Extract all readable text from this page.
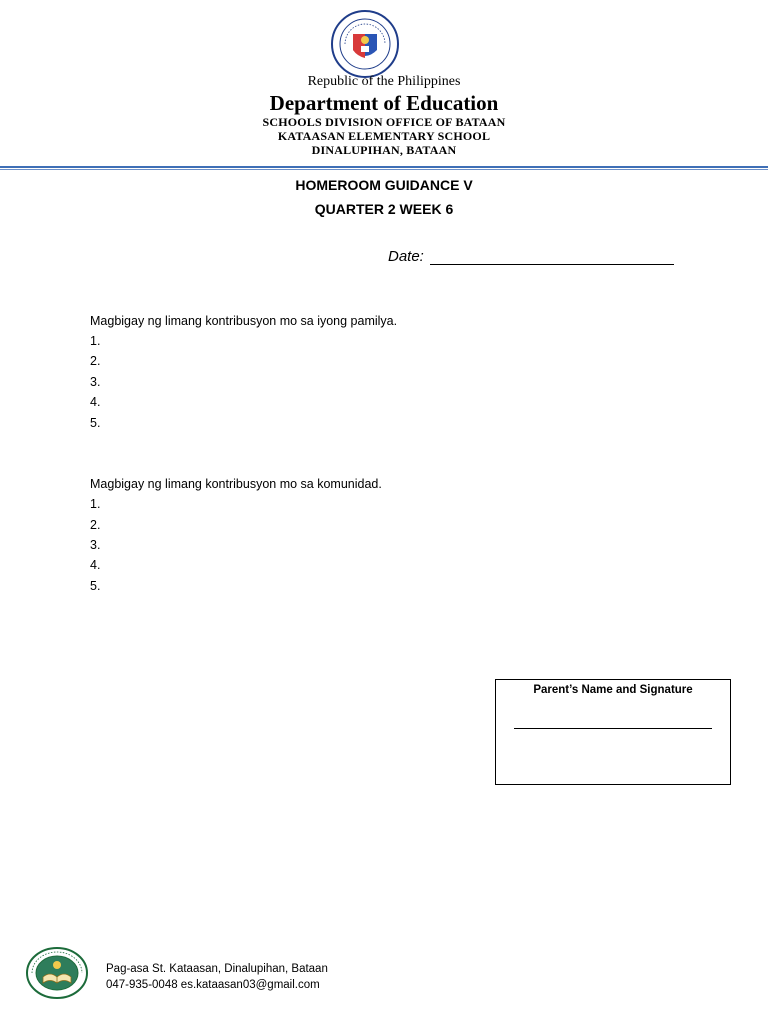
Republic of the Philippines
Department of Education
SCHOOLS DIVISION OFFICE OF BATAAN
KATAASAN ELEMENTARY SCHOOL
DINALUPIHAN, BATAAN
HOMEROOM GUIDANCE V
QUARTER 2 WEEK 6
Date:
Magbigay ng limang kontribusyon mo sa iyong pamilya.
1.
2.
3.
4.
5.
Magbigay ng limang kontribusyon mo sa komunidad.
1.
2.
3.
4.
5.
Parent’s Name and Signature
Pag-asa St. Kataasan, Dinalupihan, Bataan
047-935-0048 es.kataasan03@gmail.com
